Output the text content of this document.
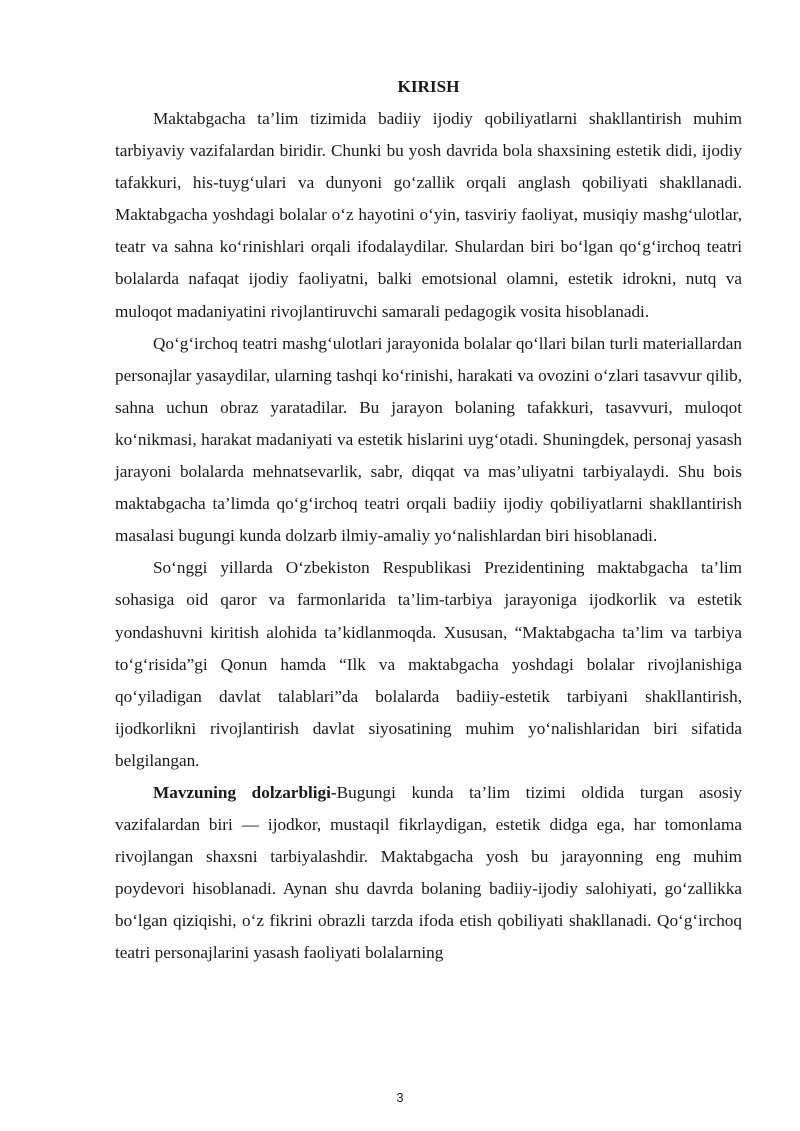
KIRISH

Maktabgacha ta’lim tizimida badiiy ijodiy qobiliyatlarni shakllantirish muhim tarbiyaviy vazifalardan biridir. Chunki bu yosh davrida bola shaxsining estetik didi, ijodiy tafakkuri, his-tuyg‘ulari va dunyoni go‘zallik orqali anglash qobiliyati shakllanadi. Maktabgacha yoshdagi bolalar o‘z hayotini o‘yin, tasviriy faoliyat, musiqiy mashg‘ulotlar, teatr va sahna ko‘rinishlari orqali ifodalaydilar. Shulardan biri bo‘lgan qo‘g‘irchoq teatri bolalarda nafaqat ijodiy faoliyatni, balki emotsional olamni, estetik idrokni, nutq va muloqot madaniyatini rivojlantiruvchi samarali pedagogik vosita hisoblanadi.

Qo‘g‘irchoq teatri mashg‘ulotlari jarayonida bolalar qo‘llari bilan turli materiallardan personajlar yasaydilar, ularning tashqi ko‘rinishi, harakati va ovozini o‘zlari tasavvur qilib, sahna uchun obraz yaratadilar. Bu jarayon bolaning tafakkuri, tasavvuri, muloqot ko‘nikmasi, harakat madaniyati va estetik hislarini uyg‘otadi. Shuningdek, personaj yasash jarayoni bolalarda mehnatsevarlik, sabr, diqqat va mas’uliyatni tarbiyalaydi. Shu bois maktabgacha ta’limda qo‘g‘irchoq teatri orqali badiiy ijodiy qobiliyatlarni shakllantirish masalasi bugungi kunda dolzarb ilmiy-amaliy yo‘nalishlardan biri hisoblanadi.

So‘nggi yillarda O‘zbekiston Respublikasi Prezidentining maktabgacha ta’lim sohasiga oid qaror va farmonlarida ta’lim-tarbiya jarayoniga ijodkorlik va estetik yondashuvni kiritish alohida ta’kidlanmoqda. Xususan, “Maktabgacha ta’lim va tarbiya to‘g‘risida”gi Qonun hamda “Ilk va maktabgacha yoshdagi bolalar rivojlanishiga qo‘yiladigan davlat talablari”da bolalarda badiiy-estetik tarbiyani shakllantirish, ijodkorlikni rivojlantirish davlat siyosatining muhim yo‘nalishlaridan biri sifatida belgilangan.

Mavzuning dolzarbligi-Bugungi kunda ta’lim tizimi oldida turgan asosiy vazifalardan biri — ijodkor, mustaqil fikrlaydigan, estetik didga ega, har tomonlama rivojlangan shaxsni tarbiyalashdir. Maktabgacha yosh bu jarayonning eng muhim poydevori hisoblanadi. Aynan shu davrda bolaning badiiy-ijodiy salohiyati, go‘zallikka bo‘lgan qiziqishi, o‘z fikrini obrazli tarzda ifoda etish qobiliyati shakllanadi. Qo‘g‘irchoq teatri personajlarini yasash faoliyati bolalarning

3
